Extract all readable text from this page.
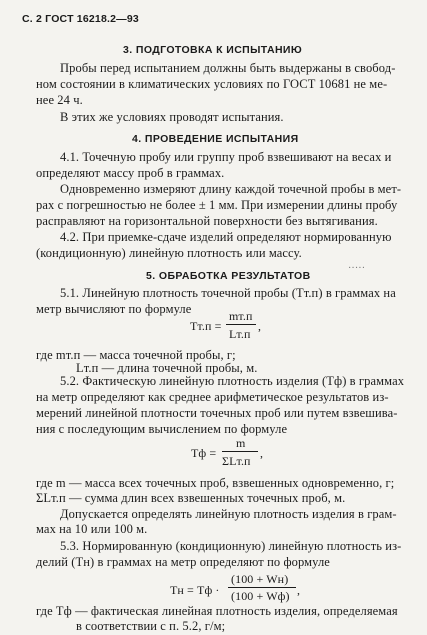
С. 2 ГОСТ 16218.2—93
3. ПОДГОТОВКА К ИСПЫТАНИЮ
Пробы перед испытанием должны быть выдержаны в свобод-
ном состоянии в климатических условиях по ГОСТ 10681 не ме-
нее 24 ч.
В этих же условиях проводят испытания.
4. ПРОВЕДЕНИЕ ИСПЫТАНИЯ
4.1. Точечную пробу или группу проб взвешивают на весах и
определяют массу проб в граммах.
Одновременно измеряют длину каждой точечной пробы в мет-
рах с погрешностью не более ± 1 мм. При измерении длины пробу
расправляют на горизонтальной поверхности без вытягивания.
4.2. При приемке-сдаче изделий определяют нормированную
(кондиционную) линейную плотность или массу.
5. ОБРАБОТКА РЕЗУЛЬТАТОВ
·····
5.1. Линейную плотность точечной пробы (Tт.п) в граммах на
метр вычисляют по формуле
Tт.п =
mт.п
Lт.п
,
где mт.п — масса точечной пробы, г;
Lт.п — длина точечной пробы, м.
5.2. Фактическую линейную плотность изделия (Tф) в граммах
на метр определяют как среднее арифметическое результатов из-
мерений линейной плотности точечных проб или путем взвешива-
ния с последующим вычислением по формуле
Tф =
m
ΣLт.п
,
где m — масса всех точечных проб, взвешенных одновременно, г;
ΣLт.п — сумма длин всех взвешенных точечных проб, м.
Допускается определять линейную плотность изделия в грам-
мах на 10 или 100 м.
5.3. Нормированную (кондиционную) линейную плотность из-
делий (Tн) в граммах на метр определяют по формуле
Tн = Tф ·
(100 + Wн)
(100 + Wф) ,
где Tф — фактическая линейная плотность изделия, определяемая
в соответствии с п. 5.2, г/м;
